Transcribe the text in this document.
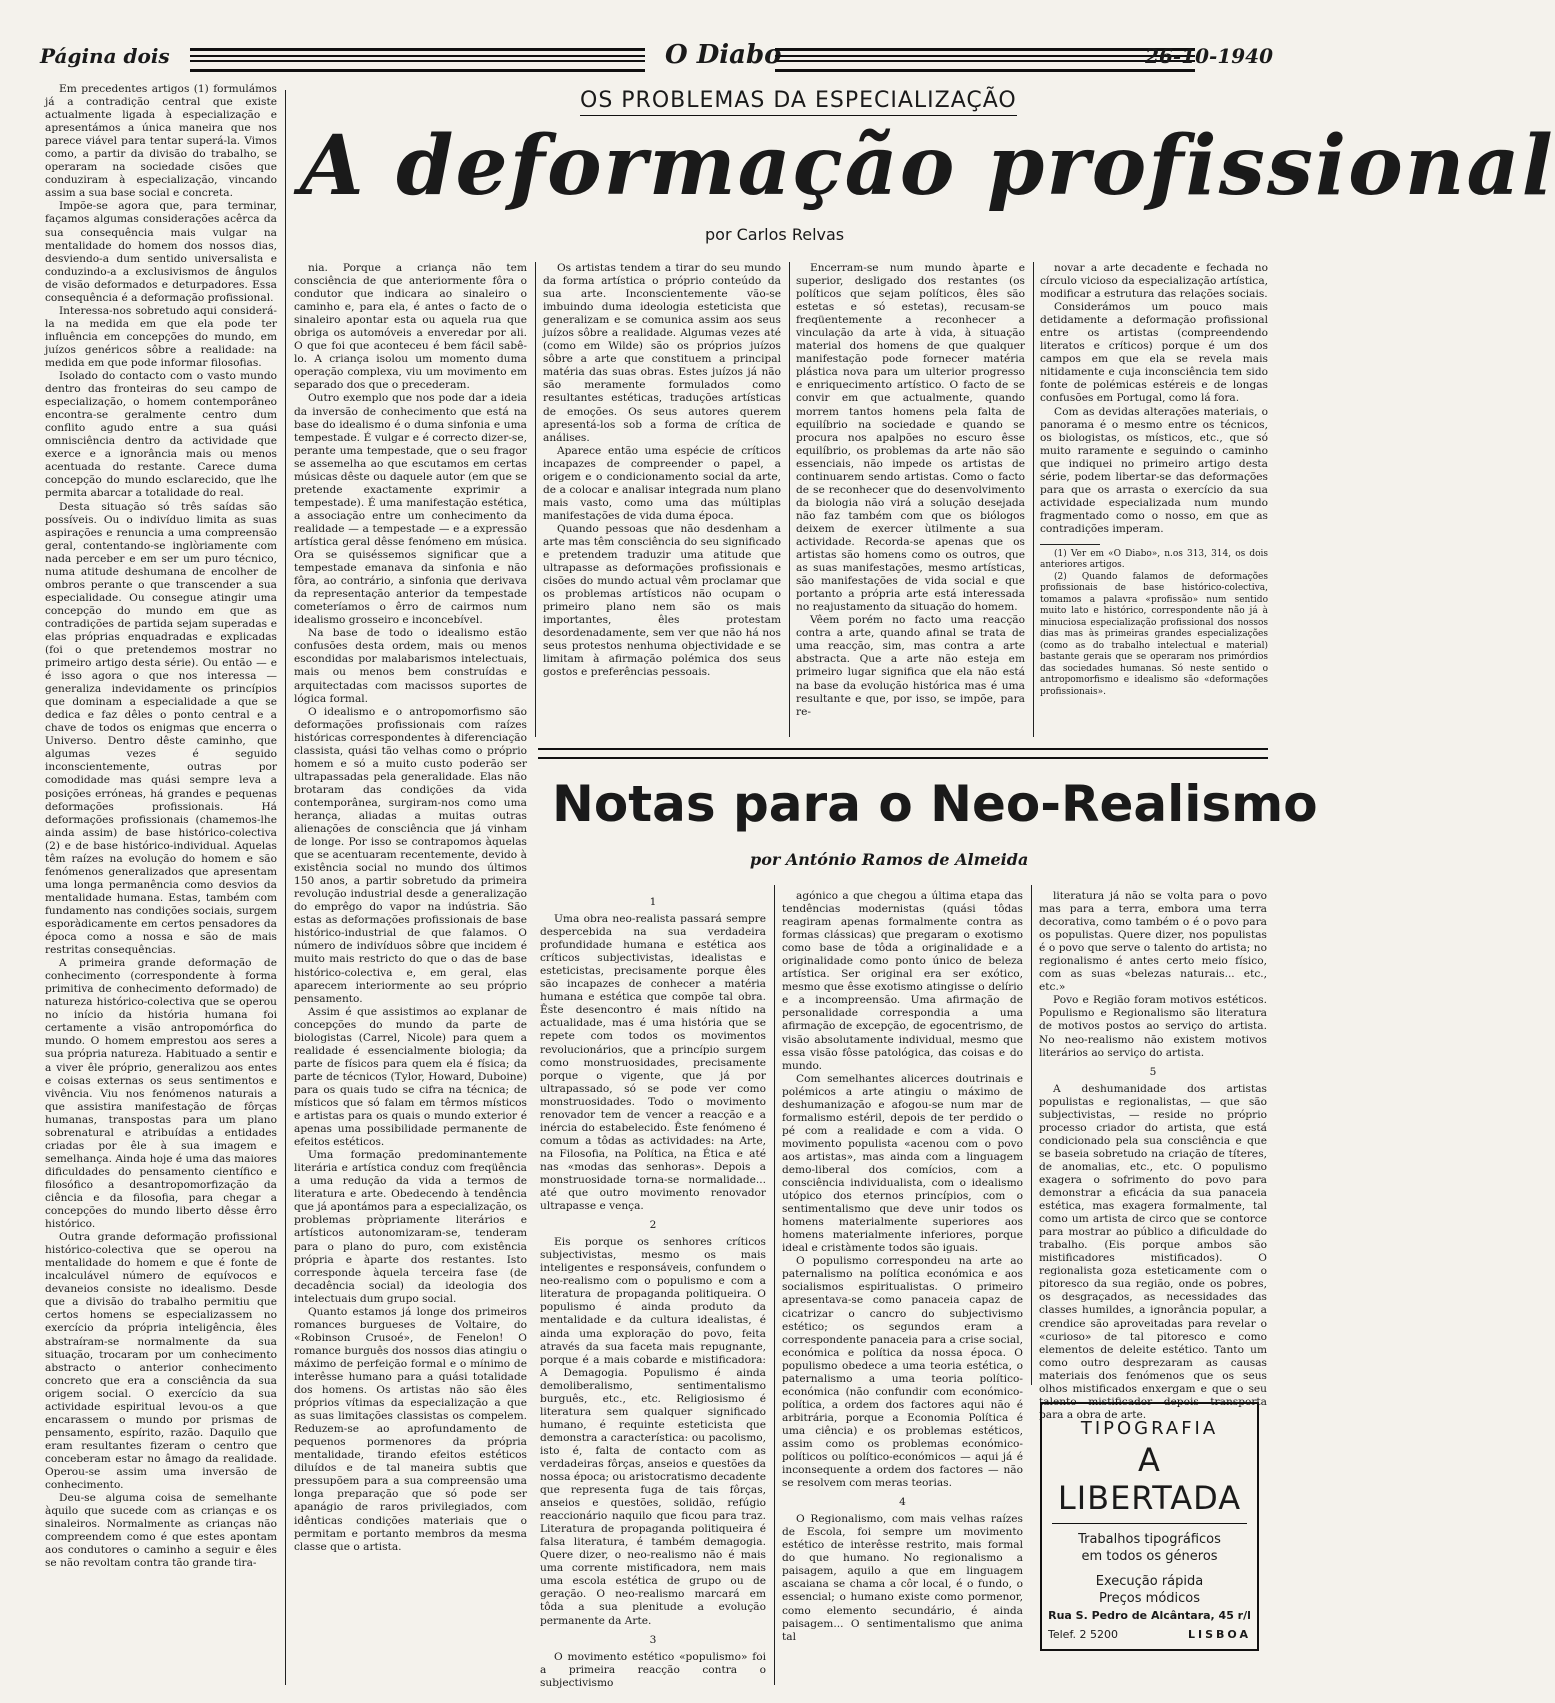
Página dois	O Diabo	26-10-1940
OS PROBLEMAS DA ESPECIALIZAÇÃO
A deformação profissional
por Carlos Relvas

Em precedentes artigos (1) formulámos já a contradição central que existe actualmente ligada à especialização e apresentámos a única maneira que nos parece viável para tentar superá-la. Vimos como, a partir da divisão do trabalho, se operaram na sociedade cisões que conduziram à especialização, vincando assim a sua base social e concreta.

Impõe-se agora que, para terminar, façamos algumas considerações acêrca da sua consequência mais vulgar na mentalidade do homem dos nossos dias, desviendo-a dum sentido universalista e conduzindo-a a exclusivismos de ângulos de visão deformados e deturpadores. Essa consequência é a deformação profissional.

Interessa-nos sobretudo aqui considerá-la na medida em que ela pode ter influência em concepções do mundo, em juízos genéricos sôbre a realidade: na medida em que pode informar filosofias.

Isolado do contacto com o vasto mundo dentro das fronteiras do seu campo de especialização, o homem contemporâneo encontra-se geralmente centro dum conflito agudo entre a sua quási omnisciência dentro da actividade que exerce e a ignorância mais ou menos acentuada do restante. Carece duma concepção do mundo esclarecido, que lhe permita abarcar a totalidade do real.

Desta situação só três saídas são possíveis. Ou o indivíduo limita as suas aspirações e renuncia a uma compreensão geral, contentando-se inglòriamente com nada perceber e em ser um puro técnico, numa atitude deshumana de encolher de ombros perante o que transcender a sua especialidade. Ou consegue atingir uma concepção do mundo em que as contradições de partida sejam superadas e elas próprias enquadradas e explicadas (foi o que pretendemos mostrar no primeiro artigo desta série). Ou então — e é isso agora o que nos interessa — generaliza indevidamente os princípios que dominam a especialidade a que se dedica e faz dêles o ponto central e a chave de todos os enigmas que encerra o Universo. Dentro dêste caminho, que algumas vezes é seguido inconscientemente, outras por comodidade mas quási sempre leva a posições erróneas, há grandes e pequenas deformações profissionais. Há deformações profissionais (chamemos-lhe ainda assim) de base histórico-colectiva (2) e de base histórico-individual. Aquelas têm raízes na evolução do homem e são fenómenos generalizados que apresentam uma longa permanência como desvios da mentalidade humana. Estas, também com fundamento nas condições sociais, surgem esporàdicamente em certos pensadores da época como a nossa e são de mais restritas consequências.

A primeira grande deformação de conhecimento (correspondente à forma primitiva de conhecimento deformado) de natureza histórico-colectiva que se operou no início da história humana foi certamente a visão antropomórfica do mundo. O homem emprestou aos seres a sua própria natureza. Habituado a sentir e a viver êle próprio, generalizou aos entes e coisas externas os seus sentimentos e vivência. Viu nos fenómenos naturais a que assistira manifestação de fôrças humanas, transpostas para um plano sobrenatural e atribuídas a entidades criadas por êle à sua imagem e semelhança. Ainda hoje é uma das maiores dificuldades do pensamento científico e filosófico a desantropomorfização da ciência e da filosofia, para chegar a concepções do mundo liberto dêsse êrro histórico.

Outra grande deformação profissional histórico-colectiva que se operou na mentalidade do homem e que é fonte de incalculável número de equívocos e devaneios consiste no idealismo. Desde que a divisão do trabalho permitiu que certos homens se especializassem no exercício da própria inteligência, êles abstraíram-se normalmente da sua situação, trocaram por um conhecimento abstracto o anterior conhecimento concreto que era a consciência da sua origem social. O exercício da sua actividade espiritual levou-os a que encarassem o mundo por prismas de pensamento, espírito, razão. Daquilo que eram resultantes fizeram o centro que conceberam estar no âmago da realidade. Operou-se assim uma inversão de conhecimento.

Deu-se alguma coisa de semelhante àquilo que sucede com as crianças e os sinaleiros. Normalmente as crianças não compreendem como é que estes apontam aos condutores o caminho a seguir e êles se não revoltam contra tão grande tira-

nia. Porque a criança não tem consciência de que anteriormente fôra o condutor que indicara ao sinaleiro o caminho e, para ela, é antes o facto de o sinaleiro apontar esta ou aquela rua que obriga os automóveis a enveredar por ali. O que foi que aconteceu é bem fácil sabê-lo. A criança isolou um momento duma operação complexa, viu um movimento em separado dos que o precederam.

Outro exemplo que nos pode dar a ideia da inversão de conhecimento que está na base do idealismo é o duma sinfonia e uma tempestade. É vulgar e é correcto dizer-se, perante uma tempestade, que o seu fragor se assemelha ao que escutamos em certas músicas dêste ou daquele autor (em que se pretende exactamente exprimir a tempestade). É uma manifestação estética, a associação entre um conhecimento da realidade — a tempestade — e a expressão artística geral dêsse fenómeno em música. Ora se quiséssemos significar que a tempestade emanava da sinfonia e não fôra, ao contrário, a sinfonia que derivava da representação anterior da tempestade cometeríamos o êrro de cairmos num idealismo grosseiro e inconcebível.

Na base de todo o idealismo estão confusões desta ordem, mais ou menos escondidas por malabarismos intelectuais, mais ou menos bem construídas e arquitectadas com macissos suportes de lógica formal.

O idealismo e o antropomorfismo são deformações profissionais com raízes históricas correspondentes à diferenciação classista, quási tão velhas como o próprio homem e só a muito custo poderão ser ultrapassadas pela generalidade. Elas não brotaram das condições da vida contemporânea, surgiram-nos como uma herança, aliadas a muitas outras alienações de consciência que já vinham de longe. Por isso se contrapomos àquelas que se acentuaram recentemente, devido à existência social no mundo dos últimos 150 anos, a partir sobretudo da primeira revolução industrial desde a generalização do emprêgo do vapor na indústria. São estas as deformações profissionais de base histórico-industrial de que falamos. O número de indivíduos sôbre que incidem é muito mais restricto do que o das de base histórico-colectiva e, em geral, elas aparecem interiormente ao seu próprio pensamento.

Assim é que assistimos ao explanar de concepções do mundo da parte de biologistas (Carrel, Nicole) para quem a realidade é essencialmente biologia; da parte de físicos para quem ela é física; da parte de técnicos (Tylor, Howard, Duboine) para os quais tudo se cifra na técnica; de místicos que só falam em têrmos místicos e artistas para os quais o mundo exterior é apenas uma possibilidade permanente de efeitos estéticos.

Uma formação predominantemente literária e artística conduz com freqüência a uma redução da vida a termos de literatura e arte. Obedecendo à tendência que já apontámos para a especialização, os problemas pròpriamente literários e artísticos autonomizaram-se, tenderam para o plano do puro, com existência própria e àparte dos restantes. Isto corresponde àquela terceira fase (de decadência social) da ideologia dos intelectuais dum grupo social.

Quanto estamos já longe dos primeiros romances burgueses de Voltaire, do «Robinson Crusoé», de Fenelon! O romance burguês dos nossos dias atingiu o máximo de perfeição formal e o mínimo de interêsse humano para a quási totalidade dos homens. Os artistas não são êles próprios vítimas da especialização a que as suas limitações classistas os compelem. Reduzem-se ao aprofundamento de pequenos pormenores da própria mentalidade, tirando efeitos estéticos diluídos e de tal maneira subtis que pressupõem para a sua compreensão uma longa preparação que só pode ser apanágio de raros privilegiados, com idênticas condições materiais que o permitam e portanto membros da mesma classe que o artista.

Os artistas tendem a tirar do seu mundo da forma artística o próprio conteúdo da sua arte. Inconscientemente vão-se imbuindo duma ideologia esteticista que generalizam e se comunica assim aos seus juízos sôbre a realidade. Algumas vezes até (como em Wilde) são os próprios juízos sôbre a arte que constituem a principal matéria das suas obras. Estes juízos já não são meramente formulados como resultantes estéticas, traduções artísticas de emoções. Os seus autores querem apresentá-los sob a forma de crítica de análises.

Aparece então uma espécie de críticos incapazes de compreender o papel, a origem e o condicionamento social da arte, de a colocar e analisar integrada num plano mais vasto, como uma das múltiplas manifestações de vida duma época.

Quando pessoas que não desdenham a arte mas têm consciência do seu significado e pretendem traduzir uma atitude que ultrapasse as deformações profissionais e cisões do mundo actual vêm proclamar que os problemas artísticos não ocupam o primeiro plano nem são os mais importantes, êles protestam desordenadamente, sem ver que não há nos seus protestos nenhuma objectividade e se limitam à afirmação polémica dos seus gostos e preferências pessoais.

Encerram-se num mundo àparte e superior, desligado dos restantes (os políticos que sejam políticos, êles são estetas e só estetas), recusam-se freqüentemente a reconhecer a vinculação da arte à vida, à situação material dos homens de que qualquer manifestação pode fornecer matéria plástica nova para um ulterior progresso e enriquecimento artístico. O facto de se convir em que actualmente, quando morrem tantos homens pela falta de equilíbrio na sociedade e quando se procura nos apalpões no escuro êsse equilíbrio, os problemas da arte não são essenciais, não impede os artistas de continuarem sendo artistas. Como o facto de se reconhecer que do desenvolvimento da biologia não virá a solução desejada não faz também com que os biólogos deixem de exercer ùtilmente a sua actividade. Recorda-se apenas que os artistas são homens como os outros, que as suas manifestações, mesmo artísticas, são manifestações de vida social e que portanto a própria arte está interessada no reajustamento da situação do homem.

Vêem porém no facto uma reacção contra a arte, quando afinal se trata de uma reacção, sim, mas contra a arte abstracta. Que a arte não esteja em primeiro lugar significa que ela não está na base da evolução histórica mas é uma resultante e que, por isso, se impõe, para re-

novar a arte decadente e fechada no círculo vicioso da especialização artística, modificar a estrutura das relações sociais.

Considerámos um pouco mais detidamente a deformação profissional entre os artistas (compreendendo literatos e críticos) porque é um dos campos em que ela se revela mais nitidamente e cuja inconsciência tem sido fonte de polémicas estéreis e de longas confusões em Portugal, como lá fora.

Com as devidas alterações materiais, o panorama é o mesmo entre os técnicos, os biologistas, os místicos, etc., que só muito raramente e seguindo o caminho que indiquei no primeiro artigo desta série, podem libertar-se das deformações para que os arrasta o exercício da sua actividade especializada num mundo fragmentado como o nosso, em que as contradições imperam.

(1) Ver em «O Diabo», n.os 313, 314, os dois anteriores artigos.

(2) Quando falamos de deformações profissionais de base histórico-colectiva, tomamos a palavra «profissão» num sentido muito lato e histórico, correspondente não já à minuciosa especialização profissional dos nossos dias mas às primeiras grandes especializações (como as do trabalho intelectual e material) bastante gerais que se operaram nos primórdios das sociedades humanas. Só neste sentido o antropomorfismo e idealismo são «deformações profissionais».

Notas para o Neo-Realismo
por António Ramos de Almeida

1

Uma obra neo-realista passará sempre despercebida na sua verdadeira profundidade humana e estética aos críticos subjectivistas, idealistas e esteticistas, precisamente porque êles são incapazes de conhecer a matéria humana e estética que compõe tal obra. Êste desencontro é mais nítido na actualidade, mas é uma história que se repete com todos os movimentos revolucionários, que a princípio surgem como monstruosidades, precisamente porque o vigente, que já por ultrapassado, só se pode ver como monstruosidades. Todo o movimento renovador tem de vencer a reacção e a inércia do estabelecido. Êste fenómeno é comum a tôdas as actividades: na Arte, na Filosofia, na Política, na Ética e até nas «modas das senhoras». Depois a monstruosidade torna-se normalidade... até que outro movimento renovador ultrapasse e vença.

2

Eis porque os senhores críticos subjectivistas, mesmo os mais inteligentes e responsáveis, confundem o neo-realismo com o populismo e com a literatura de propaganda politiqueira. O populismo é ainda produto da mentalidade e da cultura idealistas, é ainda uma exploração do povo, feita através da sua faceta mais repugnante, porque é a mais cobarde e mistificadora: A Demagogia. Populismo é ainda demoliberalismo, sentimentalismo burguês, etc., etc. Religiosismo é literatura sem qualquer significado humano, é requinte esteticista que demonstra a característica: ou pacolismo, isto é, falta de contacto com as verdadeiras fôrças, anseios e questões da nossa época; ou aristocratismo decadente que representa fuga de tais fôrças, anseios e questões, solidão, refúgio reaccionário naquilo que ficou para traz. Literatura de propaganda politiqueira é falsa literatura, é também demagogia. Quere dizer, o neo-realismo não é mais uma corrente mistificadora, nem mais uma escola estética de grupo ou de geração. O neo-realismo marcará em tôda a sua plenitude a evolução permanente da Arte.

3

O movimento estético «populismo» foi a primeira reacção contra o subjectivismo

agónico a que chegou a última etapa das tendências modernistas (quási tôdas reagiram apenas formalmente contra as formas clássicas) que pregaram o exotismo como base de tôda a originalidade e a originalidade como ponto único de beleza artística. Ser original era ser exótico, mesmo que êsse exotismo atingisse o delírio e a incompreensão. Uma afirmação de personalidade correspondia a uma afirmação de excepção, de egocentrismo, de visão absolutamente individual, mesmo que essa visão fôsse patológica, das coisas e do mundo.

Com semelhantes alicerces doutrinais e polémicos a arte atingiu o máximo de deshumanização e afogou-se num mar de formalismo estéril, depois de ter perdido o pé com a realidade e com a vida. O movimento populista «acenou com o povo aos artistas», mas ainda com a linguagem demo-liberal dos comícios, com a consciência individualista, com o idealismo utópico dos eternos princípios, com o sentimentalismo que deve unir todos os homens materialmente superiores aos homens materialmente inferiores, porque ideal e cristàmente todos são iguais.

O populismo correspondeu na arte ao paternalismo na política económica e aos socialismos espiritualistas. O primeiro apresentava-se como panaceia capaz de cicatrizar o cancro do subjectivismo estético; os segundos eram a correspondente panaceia para a crise social, económica e política da nossa época. O populismo obedece a uma teoria estética, o paternalismo a uma teoria político-económica (não confundir com económico-política, a ordem dos factores aqui não é arbitrária, porque a Economia Política é uma ciência) e os problemas estéticos, assim como os problemas económico-políticos ou político-económicos — aqui já é inconsequente a ordem dos factores — não se resolvem com meras teorias.

4

O Regionalismo, com mais velhas raízes de Escola, foi sempre um movimento estético de interêsse restrito, mais formal do que humano. No regionalismo a paisagem, aquilo a que em linguagem ascaiana se chama a côr local, é o fundo, o essencial; o humano existe como pormenor, como elemento secundário, é ainda paisagem... O sentimentalismo que anima tal

literatura já não se volta para o povo mas para a terra, embora uma terra decorativa, como também o é o povo para os populistas. Quere dizer, nos populistas é o povo que serve o talento do artista; no regionalismo é antes certo meio físico, com as suas «belezas naturais... etc., etc.»

Povo e Região foram motivos estéticos. Populismo e Regionalismo são literatura de motivos postos ao serviço do artista. No neo-realismo não existem motivos literários ao serviço do artista.

5

A deshumanidade dos artistas populistas e regionalistas, — que são subjectivistas, — reside no próprio processo criador do artista, que está condicionado pela sua consciência e que se baseia sobretudo na criação de títeres, de anomalias, etc., etc. O populismo exagera o sofrimento do povo para demonstrar a eficácia da sua panaceia estética, mas exagera formalmente, tal como um artista de circo que se contorce para mostrar ao público a dificuldade do trabalho. (Eis porque ambos são mistificadores mistificados). O regionalista goza esteticamente com o pitoresco da sua região, onde os pobres, os desgraçados, as necessidades das classes humildes, a ignorância popular, a crendice são aproveitadas para revelar o «curioso» de tal pitoresco e como elementos de deleite estético. Tanto um como outro desprezaram as causas materiais dos fenómenos que os seus olhos mistificados enxergam e que o seu talento mistificador depois transporta para a obra de arte.

TIPOGRAFIA
A LIBERTADA
Trabalhos tipográficos
em todos os géneros
Execução rápida
Preços módicos
Rua S. Pedro de Alcântara, 45 r/l
Telef. 2 5200	LISBOA
